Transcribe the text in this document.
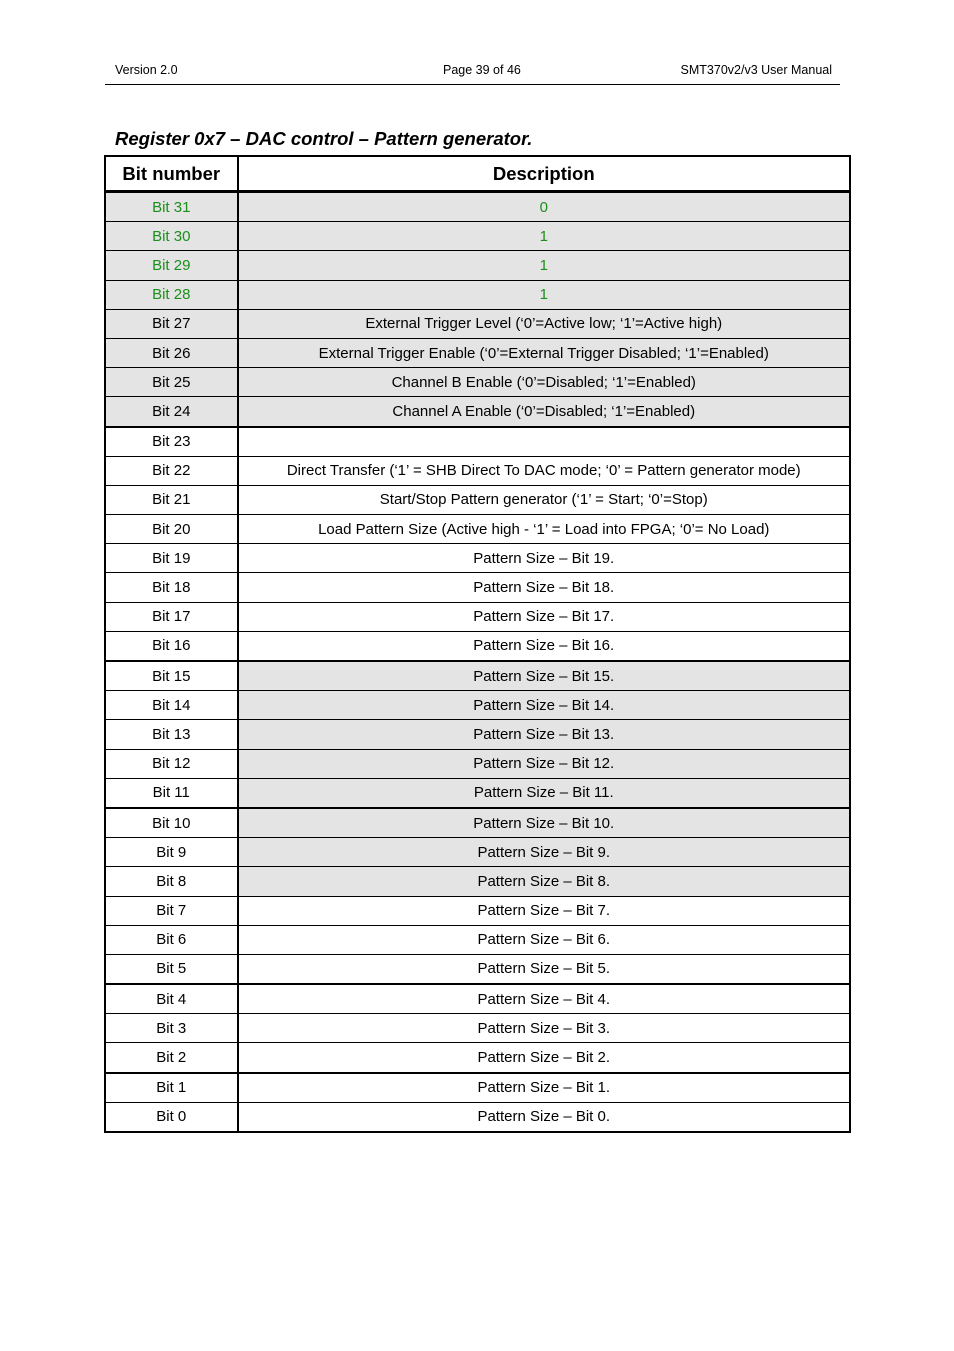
Version 2.0	Page 39 of 46	SMT370v2/v3 User Manual
Register 0x7 – DAC control – Pattern generator.
Bit number	Description
Bit 31	0
Bit 30	1
Bit 29	1
Bit 28	1
Bit 27	External Trigger Level (‘0’=Active low; ‘1’=Active high)
Bit 26	External Trigger Enable (‘0’=External Trigger Disabled; ‘1’=Enabled)
Bit 25	Channel B Enable (‘0’=Disabled; ‘1’=Enabled)
Bit 24	Channel A Enable (‘0’=Disabled; ‘1’=Enabled)
Bit 23	
Bit 22	Direct Transfer (‘1’ = SHB Direct To DAC mode; ‘0’ = Pattern generator mode)
Bit 21	Start/Stop Pattern generator (‘1’ = Start; ‘0’=Stop)
Bit 20	Load Pattern Size (Active high - ‘1’ = Load into FPGA; ‘0’= No Load)
Bit 19	Pattern Size – Bit 19.
Bit 18	Pattern Size – Bit 18.
Bit 17	Pattern Size – Bit 17.
Bit 16	Pattern Size – Bit 16.
Bit 15	Pattern Size – Bit 15.
Bit 14	Pattern Size – Bit 14.
Bit 13	Pattern Size – Bit 13.
Bit 12	Pattern Size – Bit 12.
Bit 11	Pattern Size – Bit 11.
Bit 10	Pattern Size – Bit 10.
Bit 9	Pattern Size – Bit 9.
Bit 8	Pattern Size – Bit 8.
Bit 7	Pattern Size – Bit 7.
Bit 6	Pattern Size – Bit 6.
Bit 5	Pattern Size – Bit 5.
Bit 4	Pattern Size – Bit 4.
Bit 3	Pattern Size – Bit 3.
Bit 2	Pattern Size – Bit 2.
Bit 1	Pattern Size – Bit 1.
Bit 0	Pattern Size – Bit 0.
